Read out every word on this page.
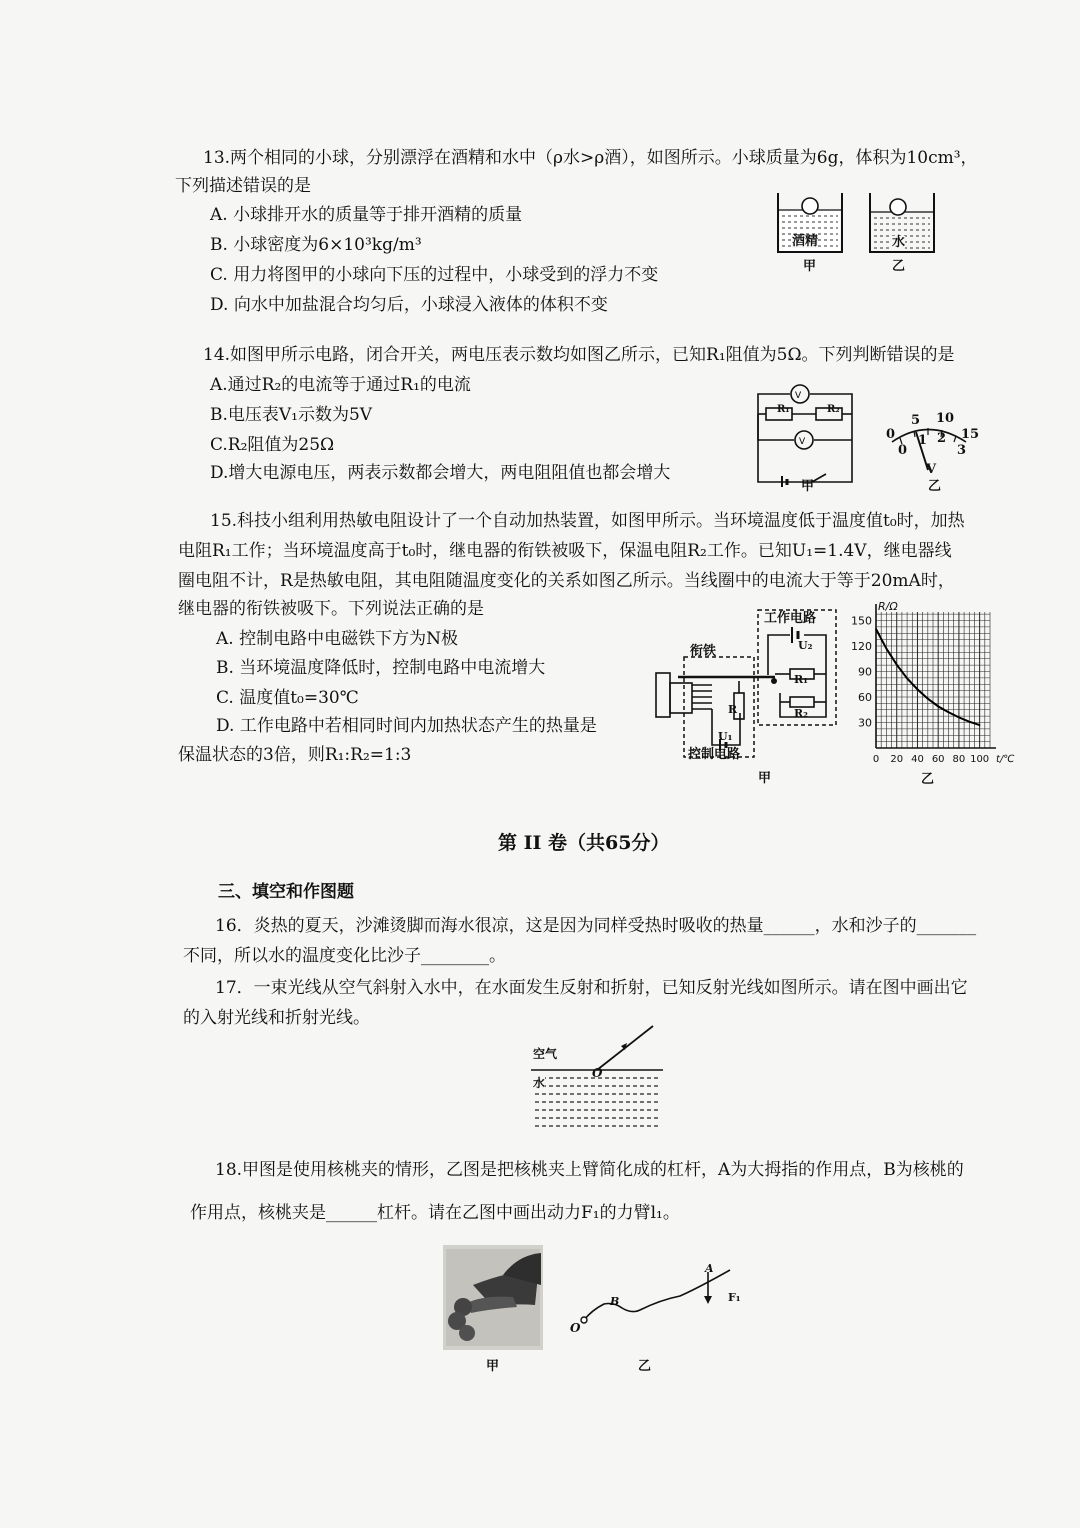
13.两个相同的小球，分别漂浮在酒精和水中（ρ水>ρ酒），如图所示。小球质量为6g，体积为10cm³，
下列描述错误的是
A. 小球排开水的质量等于排开酒精的质量
B. 小球密度为6×10³kg/m³
C. 用力将图甲的小球向下压的过程中，小球受到的浮力不变
D. 向水中加盐混合均匀后，小球浸入液体的体积不变
酒精	水
甲	乙
14.如图甲所示电路，闭合开关，两电压表示数均如图乙所示，已知R₁阻值为5Ω。下列判断错误的是
A.通过R₂的电流等于通过R₁的电流
B.电压表V₁示数为5V
C.R₂阻值为25Ω
D.增大电源电压，两表示数都会增大，两电阻阻值也都会增大
V
V
R₁	R₂
甲
0
5 10
15
0
1 2
3
V
乙
15.科技小组利用热敏电阻设计了一个自动加热装置，如图甲所示。当环境温度低于温度值t₀时，加热
电阻R₁工作；当环境温度高于t₀时，继电器的衔铁被吸下，保温电阻R₂工作。已知U₁=1.4V，继电器线
圈电阻不计，R是热敏电阻，其电阻随温度变化的关系如图乙所示。当线圈中的电流大于等于20mA时，
继电器的衔铁被吸下。下列说法正确的是
A. 控制电路中电磁铁下方为N极
B. 当环境温度降低时，控制电路中电流增大
C. 温度值t₀=30℃
D. 工作电路中若相同时间内加热状态产生的热量是
保温状态的3倍，则R₁:R₂=1:3
工作电路
衔铁
控制电路
U₂
U₁
R
R₁
R₂
甲
30
60
90
120
150
0 20 40 60 80 100
R/Ω
t/℃
乙
第 II 卷（共65分）
三、填空和作图题
16．炎热的夏天，沙滩烫脚而海水很凉，这是因为同样受热时吸收的热量______，水和沙子的_______
不同，所以水的温度变化比沙子________。
17．一束光线从空气斜射入水中，在水面发生反射和折射，已知反射光线如图所示。请在图中画出它
的入射光线和折射光线。
空气
水
O
18.甲图是使用核桃夹的情形，乙图是把核桃夹上臂简化成的杠杆，A为大拇指的作用点，B为核桃的
作用点，核桃夹是______杠杆。请在乙图中画出动力F₁的力臂l₁。
甲
O
B
A
F₁
乙
